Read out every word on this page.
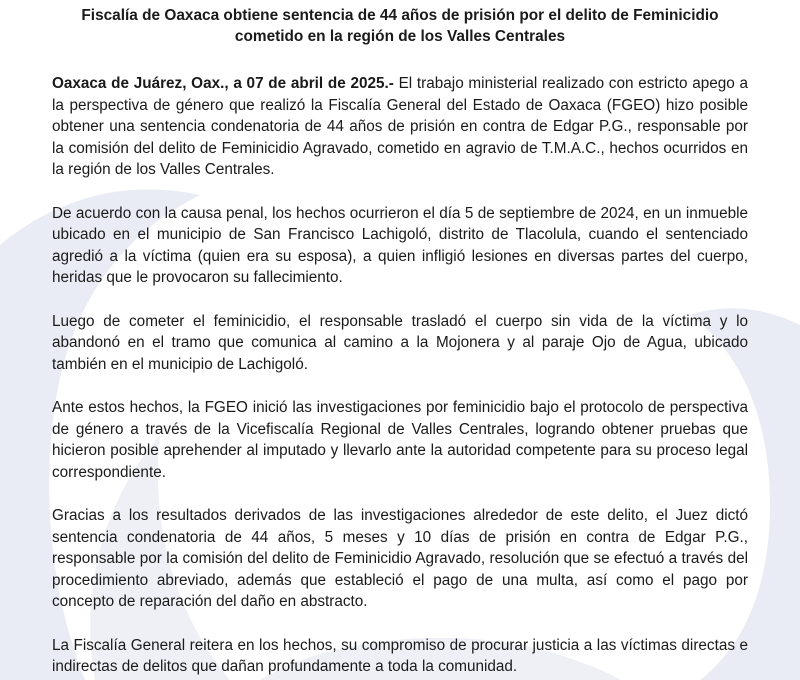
Fiscalía de Oaxaca obtiene sentencia de 44 años de prisión por el delito de Feminicidio cometido en la región de los Valles Centrales

Oaxaca de Juárez, Oax., a 07 de abril de 2025.- El trabajo ministerial realizado con estricto apego a la perspectiva de género que realizó la Fiscalía General del Estado de Oaxaca (FGEO) hizo posible obtener una sentencia condenatoria de 44 años de prisión en contra de Edgar P.G., responsable por la comisión del delito de Feminicidio Agravado, cometido en agravio de T.M.A.C., hechos ocurridos en la región de los Valles Centrales.

De acuerdo con la causa penal, los hechos ocurrieron el día 5 de septiembre de 2024, en un inmueble ubicado en el municipio de San Francisco Lachigoló, distrito de Tlacolula, cuando el sentenciado agredió a la víctima (quien era su esposa), a quien infligió lesiones en diversas partes del cuerpo, heridas que le provocaron su fallecimiento.

Luego de cometer el feminicidio, el responsable trasladó el cuerpo sin vida de la víctima y lo abandonó en el tramo que comunica al camino a la Mojonera y al paraje Ojo de Agua, ubicado también en el municipio de Lachigoló.

Ante estos hechos, la FGEO inició las investigaciones por feminicidio bajo el protocolo de perspectiva de género a través de la Vicefiscalía Regional de Valles Centrales, logrando obtener pruebas que hicieron posible aprehender al imputado y llevarlo ante la autoridad competente para su proceso legal correspondiente.

Gracias a los resultados derivados de las investigaciones alrededor de este delito, el Juez dictó sentencia condenatoria de 44 años, 5 meses y 10 días de prisión en contra de Edgar P.G., responsable por la comisión del delito de Feminicidio Agravado, resolución que se efectuó a través del procedimiento abreviado, además que estableció el pago de una multa, así como el pago por concepto de reparación del daño en abstracto.

La Fiscalía General reitera en los hechos, su compromiso de procurar justicia a las víctimas directas e indirectas de delitos que dañan profundamente a toda la comunidad.
